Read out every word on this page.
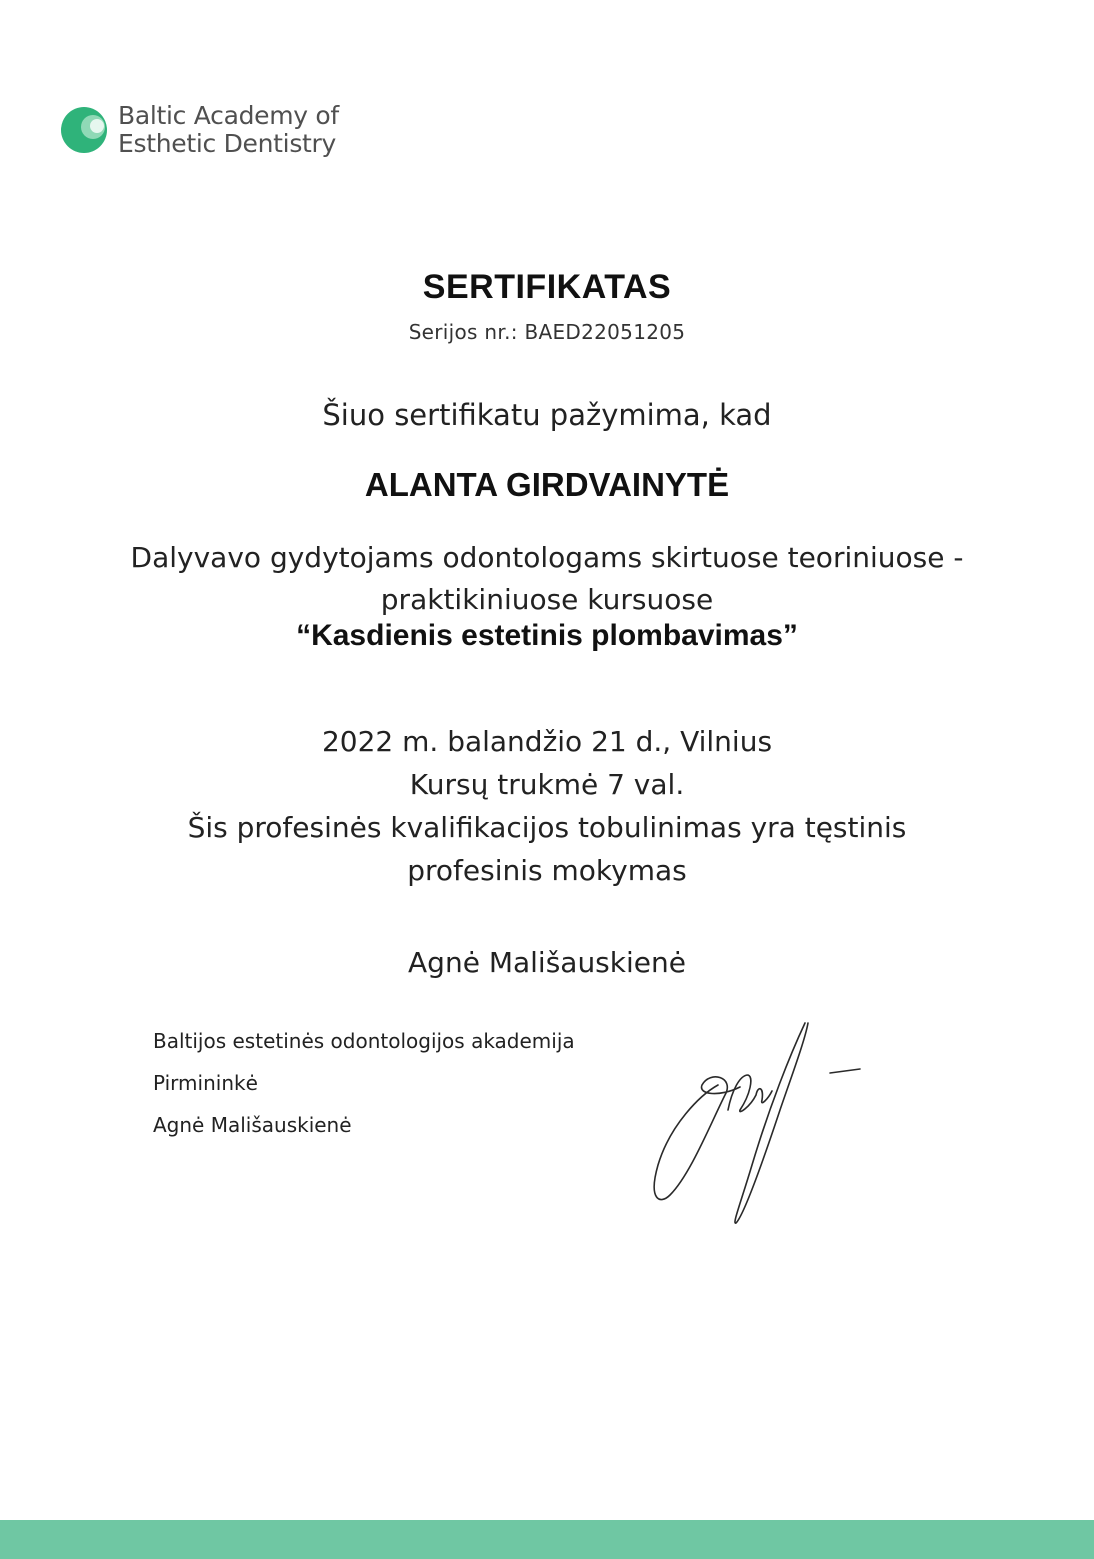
Baltic Academy of
Esthetic Dentistry
SERTIFIKATAS
Serijos nr.: BAED22051205
Šiuo sertifikatu pažymima, kad
ALANTA GIRDVAINYTĖ
Dalyvavo gydytojams odontologams skirtuose teoriniuose -
praktikiniuose kursuose
“Kasdienis estetinis plombavimas”
2022 m. balandžio 21 d., Vilnius
Kursų trukmė 7 val.
Šis profesinės kvalifikacijos tobulinimas yra tęstinis
profesinis mokymas
Agnė Mališauskienė
Baltijos estetinės odontologijos akademija
Pirmininkė
Agnė Mališauskienė
